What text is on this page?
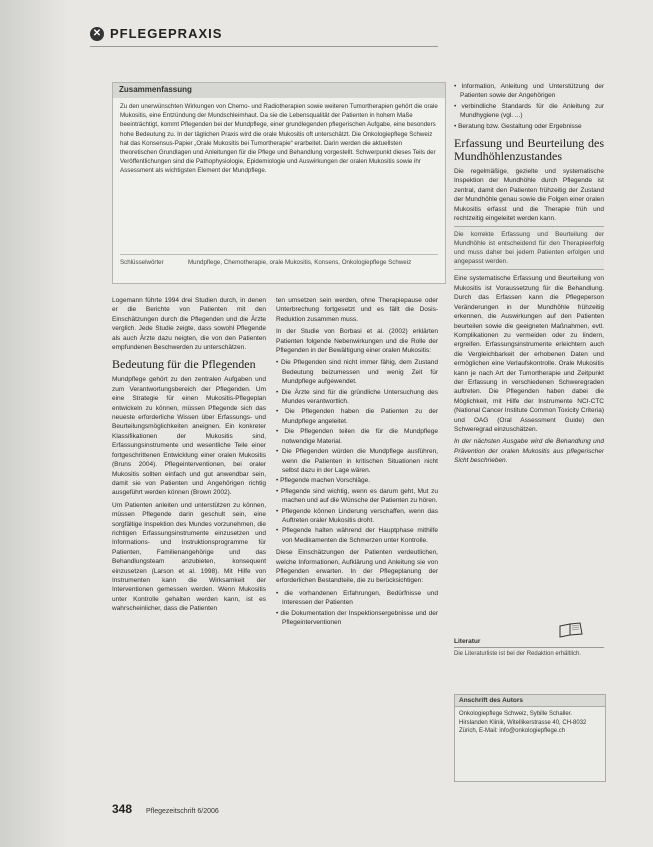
✕ PFLEGEPRAXIS
Zusammenfassung
Zu den unerwünschten Wirkungen von Chemo- und Radiotherapien sowie weiteren Tumortherapien gehört die orale Mukositis, eine Entzündung der Mundschleimhaut. Da sie die Lebensqualität der Patienten in hohem Maße beeinträchtigt, kommt Pflegenden bei der Mundpflege, einer grundlegenden pflegerischen Aufgabe, eine besonders hohe Bedeutung zu. In der täglichen Praxis wird die orale Mukositis oft unterschätzt. Die Onkologiepflege Schweiz hat das Konsensus-Papier „Orale Mukositis bei Tumortherapie“ erarbeitet. Darin werden die aktuellsten theoretischen Grundlagen und Anleitungen für die Pflege und Behandlung vorgestellt. Schwerpunkt dieses Teils der Veröffentlichungen sind die Pathophysiologie, Epidemiologie und Auswirkungen der oralen Mukositis sowie ihr Assessment als wichtigsten Element der Mundpflege.
Schlüsselwörter	Mundpflege, Chemotherapie, orale Mukositis, Konsens, Onkologiepflege Schweiz
• Information, Anleitung und Unterstützung der Patienten sowie der Angehörigen
• verbindliche Standards für die Anleitung zur Mundhygiene (vgl. ...)
• Beratung bzw. Gestaltung oder Ergebnisse
Erfassung und Beurteilung des Mundhöhlenzustandes

Die regelmäßige, gezielte und systematische Inspektion der Mundhöhle durch Pflegende ist zentral, damit den Patienten frühzeitig der Zustand der Mundhöhle genau sowie die Folgen einer oralen Mukositis erfasst und die Therapie früh und rechtzeitig eingeleitet werden kann.

Die korrekte Erfassung und Beurteilung der Mundhöhle ist entscheidend für den Therapieerfolg und muss daher bei jedem Patienten erfolgen und angepasst werden.

Eine systematische Erfassung und Beurteilung von Mukositis ist Voraussetzung für die Behandlung. Durch das Erfassen kann die Pflegeperson Veränderungen in der Mundhöhle frühzeitig erkennen, die Auswirkungen auf den Patienten beurteilen sowie die geeigneten Maßnahmen, evtl. Komplikationen zu vermeiden oder zu lindern, ergreifen. Erfassungsinstrumente erleichtern auch die Vergleichbarkeit der erhobenen Daten und ermöglichen eine Verlaufskontrolle. Orale Mukositis kann je nach Art der Tumortherapie und Zeitpunkt der Erfassung in verschiedenen Schweregraden auftreten. Die Pflegenden haben dabei die Möglichkeit, mit Hilfe der Instrumente NCI-CTC (National Cancer Institute Common Toxicity Criteria) und OAG (Oral Assessment Guide) den Schweregrad einzuschätzen.

In der nächsten Ausgabe wird die Behandlung und Prävention der oralen Mukositis aus pflegerischer Sicht beschrieben.

Logemann führte 1994 drei Studien durch, in denen er die Berichte von Patienten mit den Einschätzungen durch die Pflegenden und die Ärzte verglich. Jede Studie zeigte, dass sowohl Pflegende als auch Ärzte dazu neigten, die von den Patienten empfundenen Beschwerden zu unterschätzen.

Bedeutung für die Pflegenden

Mundpflege gehört zu den zentralen Aufgaben und zum Verantwortungsbereich der Pflegenden. Um eine Strategie für einen Mukositis-Pflegeplan entwickeln zu können, müssen Pflegende sich das neueste erforderliche Wissen über Erfassungs- und Beurteilungsmöglichkeiten aneignen. Ein konkreter Klassifikationen der Mukositis sind, Erfassungsinstrumente und wesentliche Teile einer fortgeschrittenen Entwicklung einer oralen Mukositis (Bruns 2004). Pflegeinterventionen, bei oraler Mukositis sollten einfach und gut anwendbar sein, damit sie von Patienten und Angehörigen richtig ausgeführt werden können (Brown 2002).

Um Patienten anleiten und unterstützen zu können, müssen Pflegende darin geschult sein, eine sorgfältige Inspektion des Mundes vorzunehmen, die richtigen Erfassungsinstrumente einzusetzen und Informations- und Instruktionsprogramme für Patienten, Familienangehörige und das Behandlungsteam anzubieten, konsequent einzusetzen (Larson et al. 1998). Mit Hilfe von Instrumenten kann die Wirksamkeit der Interventionen gemessen werden. Wenn Mukositis unter Kontrolle gehalten werden kann, ist es wahrscheinlicher, dass die Patienten

ten umsetzen sein werden, ohne Therapiepause oder Unterbrechung fortgesetzt und es fällt die Dosis-Reduktion zusammen muss.

In der Studie von Borbasi et al. (2002) erklärten Patienten folgende Nebenwirkungen und die Rolle der Pflegenden in der Bewältigung einer oralen Mukositis:

• Die Pflegenden sind nicht immer fähig, dem Zustand Bedeutung beizumessen und wenig Zeit für Mundpflege aufgewendet.
• Die Ärzte sind für die gründliche Untersuchung des Mundes verantwortlich.
• Die Pflegenden haben die Patienten zu der Mundpflege angeleitet.
• Die Pflegenden teilen die für die Mundpflege notwendige Material.
• Die Pflegenden würden die Mundpflege ausführen, wenn die Patienten in kritischen Situationen nicht selbst dazu in der Lage wären.
• Pflegende machen Vorschläge.
• Pflegende sind wichtig, wenn es darum geht, Mut zu machen und auf die Wünsche der Patienten zu hören.
• Pflegende können Linderung verschaffen, wenn das Auftreten oraler Mukositis droht.
• Pflegende halten während der Hauptphase mithilfe von Medikamenten die Schmerzen unter Kontrolle.

Diese Einschätzungen der Patienten verdeutlichen, welche Informationen, Aufklärung und Anleitung sie von Pflegenden erwarten. In der Pflegeplanung der erforderlichen Bestandteile, die zu berücksichtigen:

• die vorhandenen Erfahrungen, Bedürfnisse und Interessen der Patienten
• die Dokumentation der Inspektionsergebnisse und der Pflegeinterventionen
Literatur
Die Literaturliste ist bei der Redaktion erhältlich.
Anschrift des Autors
Onkologiepflege Schweiz, Sybille Schaller. Hirslanden Klinik, Witellikerstrasse 40, CH-8032 Zürich, E-Mail: info@onkologiepflege.ch
348 Pflegezeitschrift 6/2006
